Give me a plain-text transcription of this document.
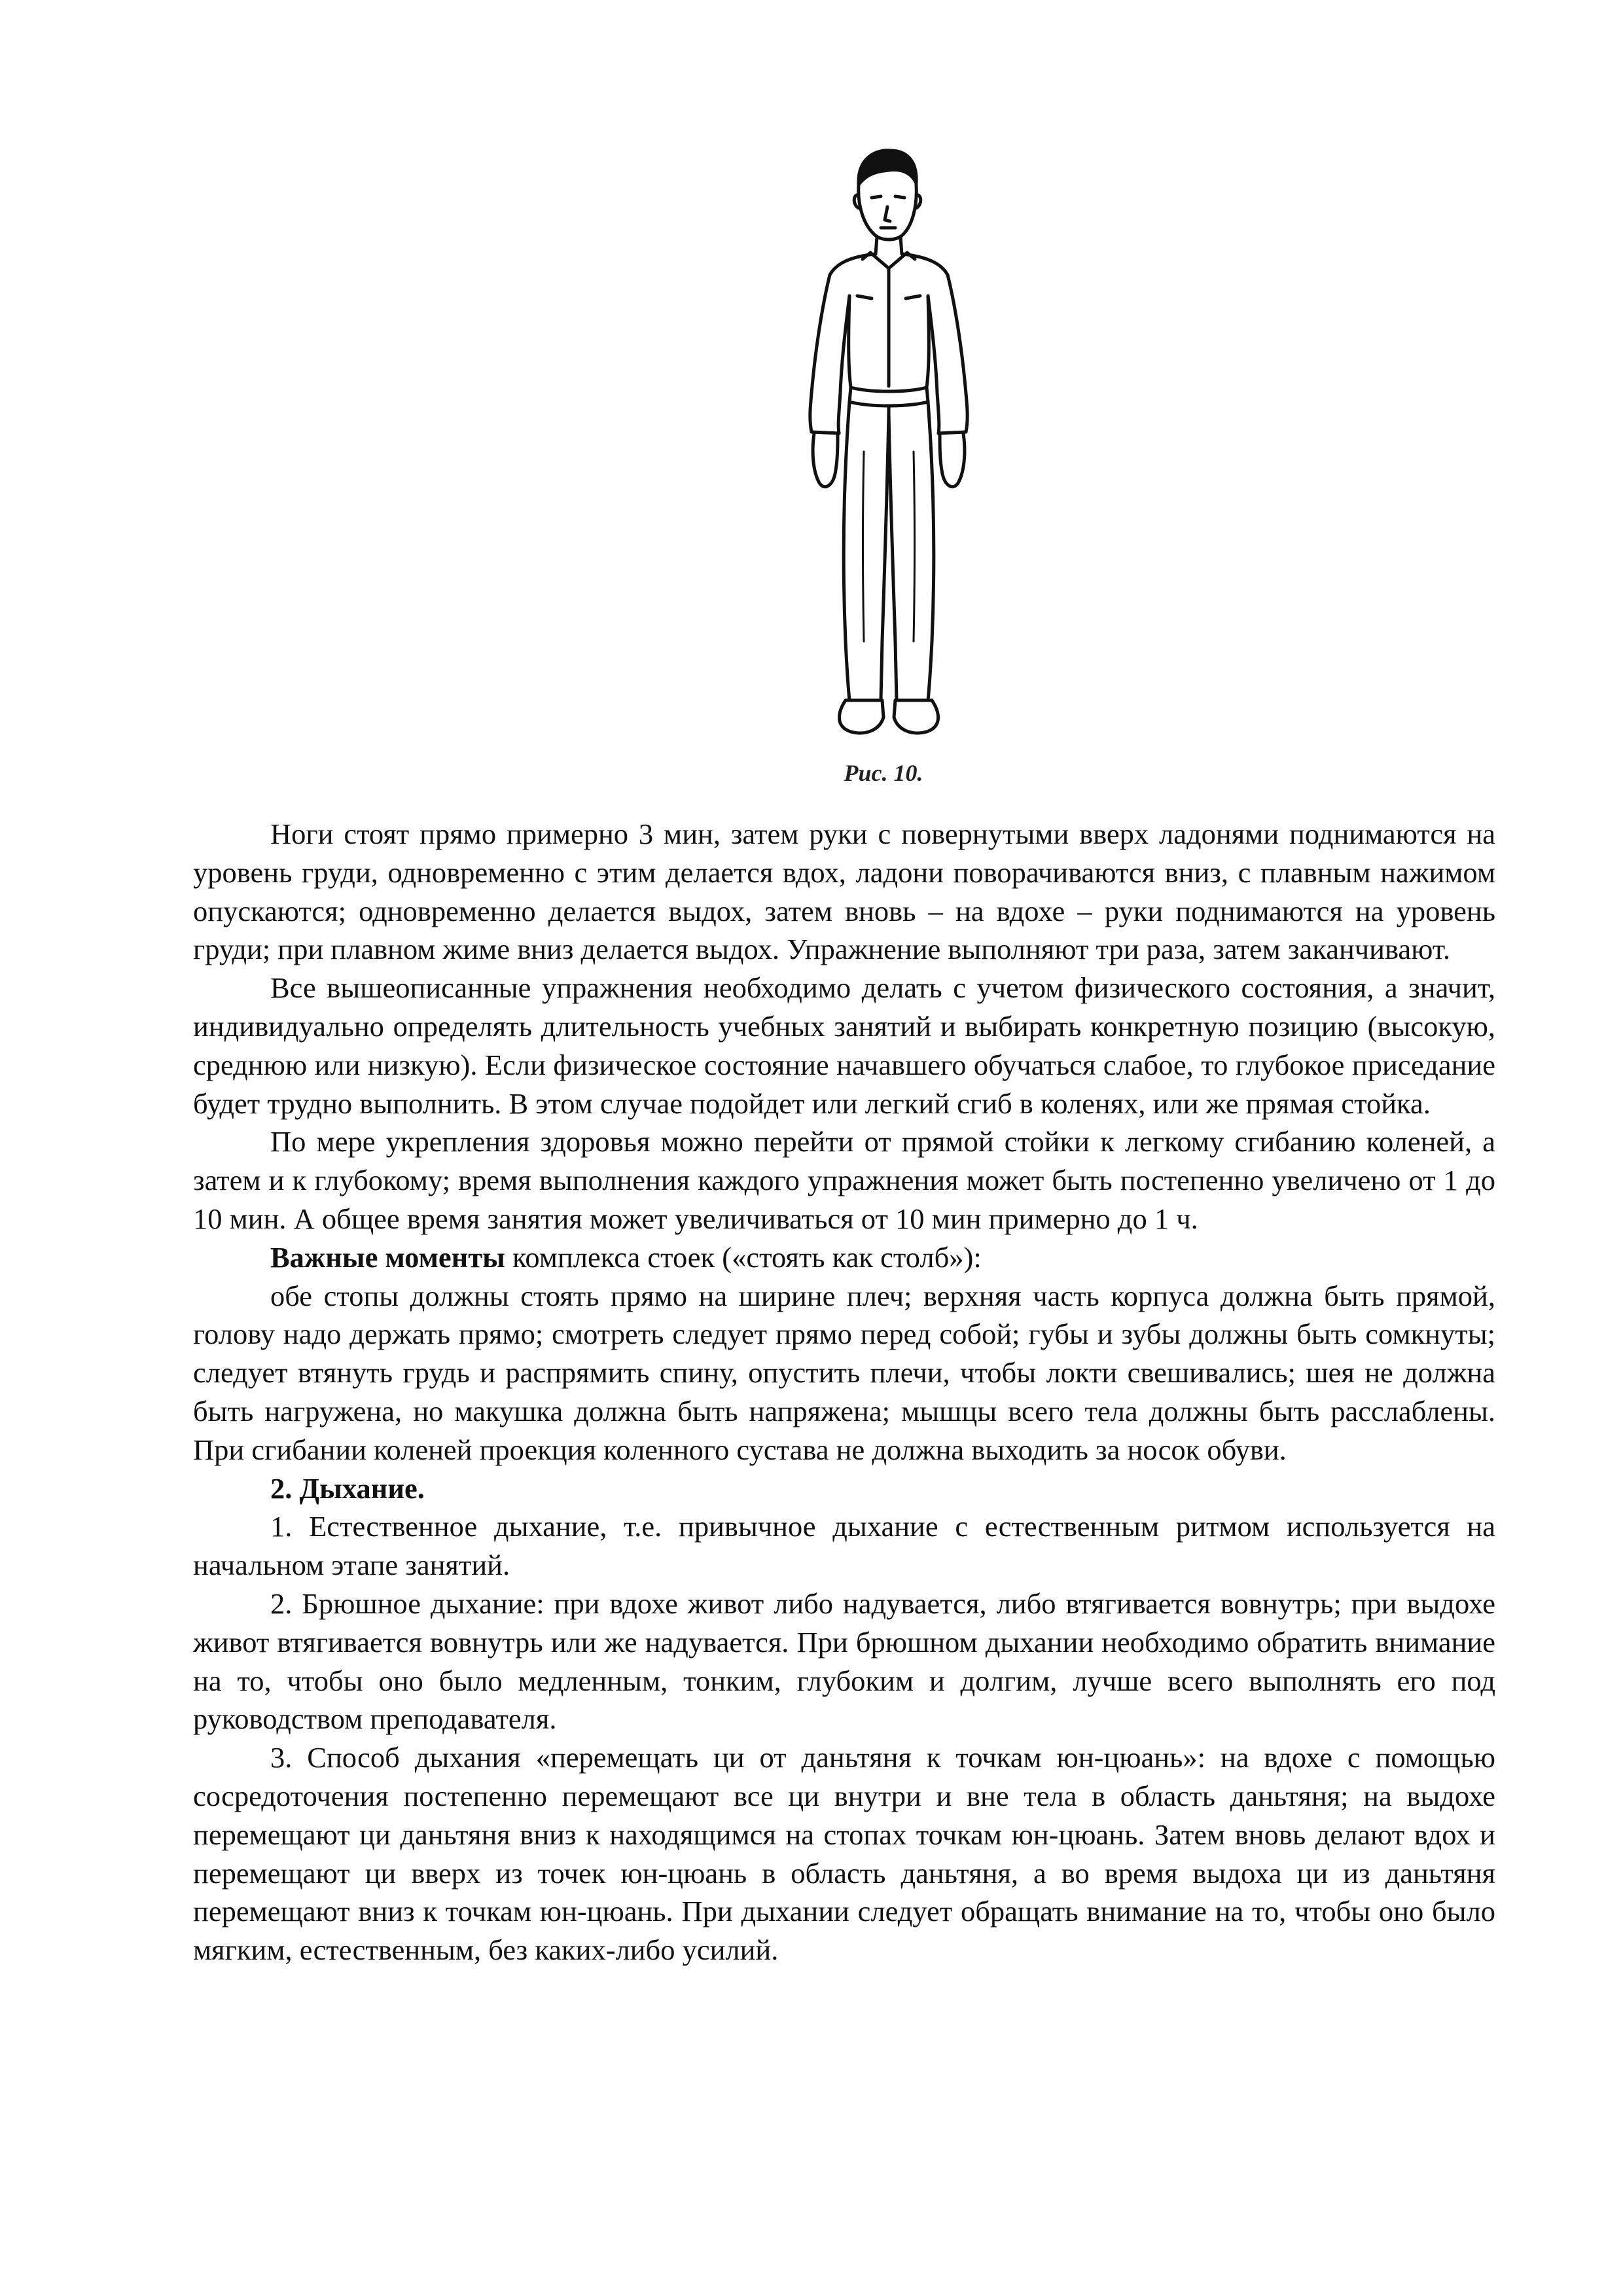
Рис. 10.

Ноги стоят прямо примерно 3 мин, затем руки с повернутыми вверх ладонями поднимаются на уровень груди, одновременно с этим делается вдох, ладони поворачиваются вниз, с плавным нажимом опускаются; одновременно делается выдох, затем вновь – на вдохе – руки поднимаются на уровень груди; при плавном жиме вниз делается выдох. Упражнение выполняют три раза, затем заканчивают.

Все вышеописанные упражнения необходимо делать с учетом физического состояния, а значит, индивидуально определять длительность учебных занятий и выбирать конкретную позицию (высокую, среднюю или низкую). Если физическое состояние начавшего обучаться слабое, то глубокое приседание будет трудно выполнить. В этом случае подойдет или легкий сгиб в коленях, или же прямая стойка.

По мере укрепления здоровья можно перейти от прямой стойки к легкому сгибанию коленей, а затем и к глубокому; время выполнения каждого упражнения может быть постепенно увеличено от 1 до 10 мин. А общее время занятия может увеличиваться от 10 мин примерно до 1 ч.

Важные моменты комплекса стоек («стоять как столб»):

обе стопы должны стоять прямо на ширине плеч; верхняя часть корпуса должна быть прямой, голову надо держать прямо; смотреть следует прямо перед собой; губы и зубы должны быть сомкнуты; следует втянуть грудь и распрямить спину, опустить плечи, чтобы локти свешивались; шея не должна быть нагружена, но макушка должна быть напряжена; мышцы всего тела должны быть расслаблены. При сгибании коленей проекция коленного сустава не должна выходить за носок обуви.

2. Дыхание.

1. Естественное дыхание, т.е. привычное дыхание с естественным ритмом используется на начальном этапе занятий.

2. Брюшное дыхание: при вдохе живот либо надувается, либо втягивается вовнутрь; при выдохе живот втягивается вовнутрь или же надувается. При брюшном дыхании необходимо обратить внимание на то, чтобы оно было медленным, тонким, глубоким и долгим, лучше всего выполнять его под руководством преподавателя.

3. Способ дыхания «перемещать ци от даньтяня к точкам юн-цюань»: на вдохе с помощью сосредоточения постепенно перемещают все ци внутри и вне тела в область даньтяня; на выдохе перемещают ци даньтяня вниз к находящимся на стопах точкам юн-цюань. Затем вновь делают вдох и перемещают ци вверх из точек юн-цюань в область даньтяня, а во время выдоха ци из даньтяня перемещают вниз к точкам юн-цюань. При дыхании следует обращать внимание на то, чтобы оно было мягким, естественным, без каких-либо усилий.
